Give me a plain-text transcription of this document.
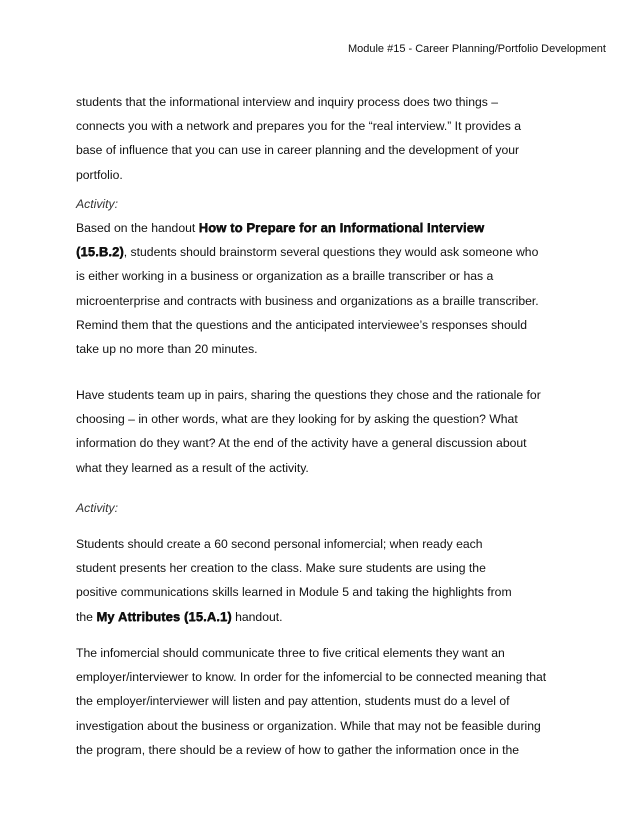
Module #15 - Career Planning/Portfolio Development
students that the informational interview and inquiry process does two things –
connects you with a network and prepares you for the “real interview.” It provides a
base of influence that you can use in career planning and the development of your
portfolio.
Activity:
Based on the handout How to Prepare for an Informational Interview
(15.B.2), students should brainstorm several questions they would ask someone who
is either working in a business or organization as a braille transcriber or has a
microenterprise and contracts with business and organizations as a braille transcriber.
Remind them that the questions and the anticipated interviewee’s responses should
take up no more than 20 minutes.
Have students team up in pairs, sharing the questions they chose and the rationale for
choosing – in other words, what are they looking for by asking the question? What
information do they want? At the end of the activity have a general discussion about
what they learned as a result of the activity.
Activity:
Students should create a 60 second personal infomercial; when ready each
student presents her creation to the class. Make sure students are using the
positive communications skills learned in Module 5 and taking the highlights from
the My Attributes (15.A.1) handout.
The infomercial should communicate three to five critical elements they want an
employer/interviewer to know. In order for the infomercial to be connected meaning that
the employer/interviewer will listen and pay attention, students must do a level of
investigation about the business or organization. While that may not be feasible during
the program, there should be a review of how to gather the information once in the
